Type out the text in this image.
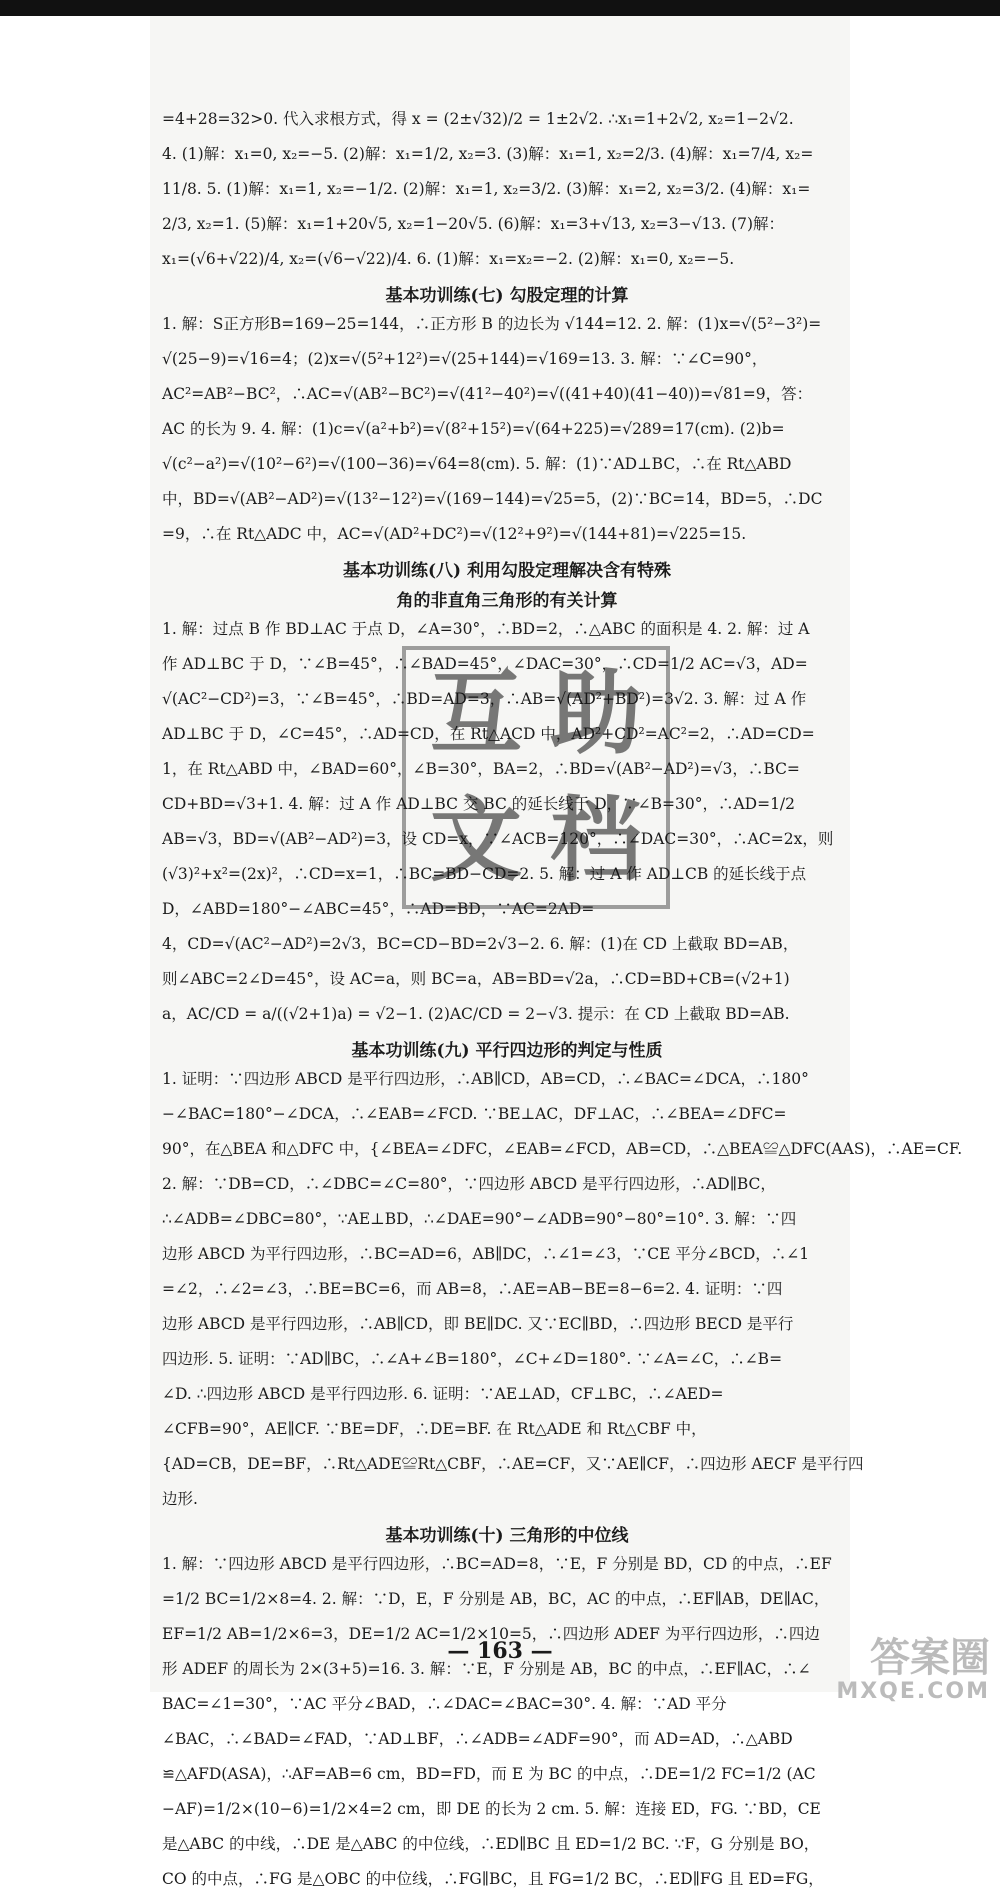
=4+28=32>0. 代入求根方式，得 x = (2±√32)/2 = 1±2√2. ∴x₁=1+2√2, x₂=1−2√2.
4. (1)解：x₁=0, x₂=−5. (2)解：x₁=1/2, x₂=3. (3)解：x₁=1, x₂=2/3. (4)解：x₁=7/4, x₂=
11/8. 5. (1)解：x₁=1, x₂=−1/2. (2)解：x₁=1, x₂=3/2. (3)解：x₁=2, x₂=3/2. (4)解：x₁=
2/3, x₂=1. (5)解：x₁=1+20√5, x₂=1−20√5. (6)解：x₁=3+√13, x₂=3−√13. (7)解：
x₁=(√6+√22)/4, x₂=(√6−√22)/4. 6. (1)解：x₁=x₂=−2. (2)解：x₁=0, x₂=−5.
基本功训练(七) 勾股定理的计算
1. 解：S正方形B=169−25=144，∴正方形 B 的边长为 √144=12. 2. 解：(1)x=√(5²−3²)=
√(25−9)=√16=4；(2)x=√(5²+12²)=√(25+144)=√169=13. 3. 解：∵∠C=90°，
AC²=AB²−BC²，∴AC=√(AB²−BC²)=√(41²−40²)=√((41+40)(41−40))=√81=9，答：
AC 的长为 9. 4. 解：(1)c=√(a²+b²)=√(8²+15²)=√(64+225)=√289=17(cm). (2)b=
√(c²−a²)=√(10²−6²)=√(100−36)=√64=8(cm). 5. 解：(1)∵AD⊥BC，∴在 Rt△ABD
中，BD=√(AB²−AD²)=√(13²−12²)=√(169−144)=√25=5，(2)∵BC=14，BD=5，∴DC
=9，∴在 Rt△ADC 中，AC=√(AD²+DC²)=√(12²+9²)=√(144+81)=√225=15.
基本功训练(八) 利用勾股定理解决含有特殊
角的非直角三角形的有关计算
1. 解：过点 B 作 BD⊥AC 于点 D，∠A=30°，∴BD=2，∴△ABC 的面积是 4. 2. 解：过 A
作 AD⊥BC 于 D，∵∠B=45°，∴∠BAD=45°，∠DAC=30°，∴CD=1/2 AC=√3，AD=
√(AC²−CD²)=3，∵∠B=45°，∴BD=AD=3，∴AB=√(AD²+BD²)=3√2. 3. 解：过 A 作
AD⊥BC 于 D，∠C=45°，∴AD=CD，在 Rt△ACD 中，AD²+CD²=AC²=2，∴AD=CD=
1，在 Rt△ABD 中，∠BAD=60°，∠B=30°，BA=2，∴BD=√(AB²−AD²)=√3，∴BC=
CD+BD=√3+1. 4. 解：过 A 作 AD⊥BC 交 BC 的延长线于 D，∵∠B=30°，∴AD=1/2
AB=√3，BD=√(AB²−AD²)=3，设 CD=x，∵∠ACB=120°，∴∠DAC=30°，∴AC=2x，则
(√3)²+x²=(2x)²，∴CD=x=1，∴BC=BD−CD=2. 5. 解：过 A 作 AD⊥CB 的延长线于点
D，∠ABD=180°−∠ABC=45°，∴AD=BD，∵AC=2AD=
4，CD=√(AC²−AD²)=2√3，BC=CD−BD=2√3−2. 6. 解：(1)在 CD 上截取 BD=AB，
则∠ABC=2∠D=45°，设 AC=a，则 BC=a，AB=BD=√2a，∴CD=BD+CB=(√2+1)
a，AC/CD = a/((√2+1)a) = √2−1. (2)AC/CD = 2−√3. 提示：在 CD 上截取 BD=AB.
基本功训练(九) 平行四边形的判定与性质
1. 证明：∵四边形 ABCD 是平行四边形，∴AB∥CD，AB=CD，∴∠BAC=∠DCA，∴180°
−∠BAC=180°−∠DCA，∴∠EAB=∠FCD. ∵BE⊥AC，DF⊥AC，∴∠BEA=∠DFC=
90°，在△BEA 和△DFC 中，{∠BEA=∠DFC，∠EAB=∠FCD，AB=CD，∴△BEA≌△DFC(AAS)，∴AE=CF.
2. 解：∵DB=CD，∴∠DBC=∠C=80°，∵四边形 ABCD 是平行四边形，∴AD∥BC，
∴∠ADB=∠DBC=80°，∵AE⊥BD，∴∠DAE=90°−∠ADB=90°−80°=10°. 3. 解：∵四
边形 ABCD 为平行四边形，∴BC=AD=6，AB∥DC，∴∠1=∠3，∵CE 平分∠BCD，∴∠1
=∠2，∴∠2=∠3，∴BE=BC=6，而 AB=8，∴AE=AB−BE=8−6=2. 4. 证明：∵四
边形 ABCD 是平行四边形，∴AB∥CD，即 BE∥DC. 又∵EC∥BD，∴四边形 BECD 是平行
四边形. 5. 证明：∵AD∥BC，∴∠A+∠B=180°，∠C+∠D=180°. ∵∠A=∠C，∴∠B=
∠D. ∴四边形 ABCD 是平行四边形. 6. 证明：∵AE⊥AD，CF⊥BC，∴∠AED=
∠CFB=90°，AE∥CF. ∵BE=DF，∴DE=BF. 在 Rt△ADE 和 Rt△CBF 中，
{AD=CB，DE=BF，∴Rt△ADE≌Rt△CBF，∴AE=CF，又∵AE∥CF，∴四边形 AECF 是平行四
边形.
基本功训练(十) 三角形的中位线
1. 解：∵四边形 ABCD 是平行四边形，∴BC=AD=8，∵E，F 分别是 BD，CD 的中点，∴EF
=1/2 BC=1/2×8=4. 2. 解：∵D，E，F 分别是 AB，BC，AC 的中点，∴EF∥AB，DE∥AC，
EF=1/2 AB=1/2×6=3，DE=1/2 AC=1/2×10=5，∴四边形 ADEF 为平行四边形，∴四边
形 ADEF 的周长为 2×(3+5)=16. 3. 解：∵E，F 分别是 AB，BC 的中点，∴EF∥AC，∴∠
BAC=∠1=30°，∵AC 平分∠BAD，∴∠DAC=∠BAC=30°. 4. 解：∵AD 平分
∠BAC，∴∠BAD=∠FAD，∵AD⊥BF，∴∠ADB=∠ADF=90°，而 AD=AD，∴△ABD
≌△AFD(ASA)，∴AF=AB=6 cm，BD=FD，而 E 为 BC 的中点，∴DE=1/2 FC=1/2 (AC
−AF)=1/2×(10−6)=1/2×4=2 cm，即 DE 的长为 2 cm. 5. 解：连接 ED，FG. ∵BD，CE
是△ABC 的中线，∴DE 是△ABC 的中位线，∴ED∥BC 且 ED=1/2 BC. ∵F，G 分别是 BO，
CO 的中点，∴FG 是△OBC 的中位线，∴FG∥BC，且 FG=1/2 BC，∴ED∥FG 且 ED=FG，
互 助
文 档
— 163 —	答案圈
MXQE.COM
